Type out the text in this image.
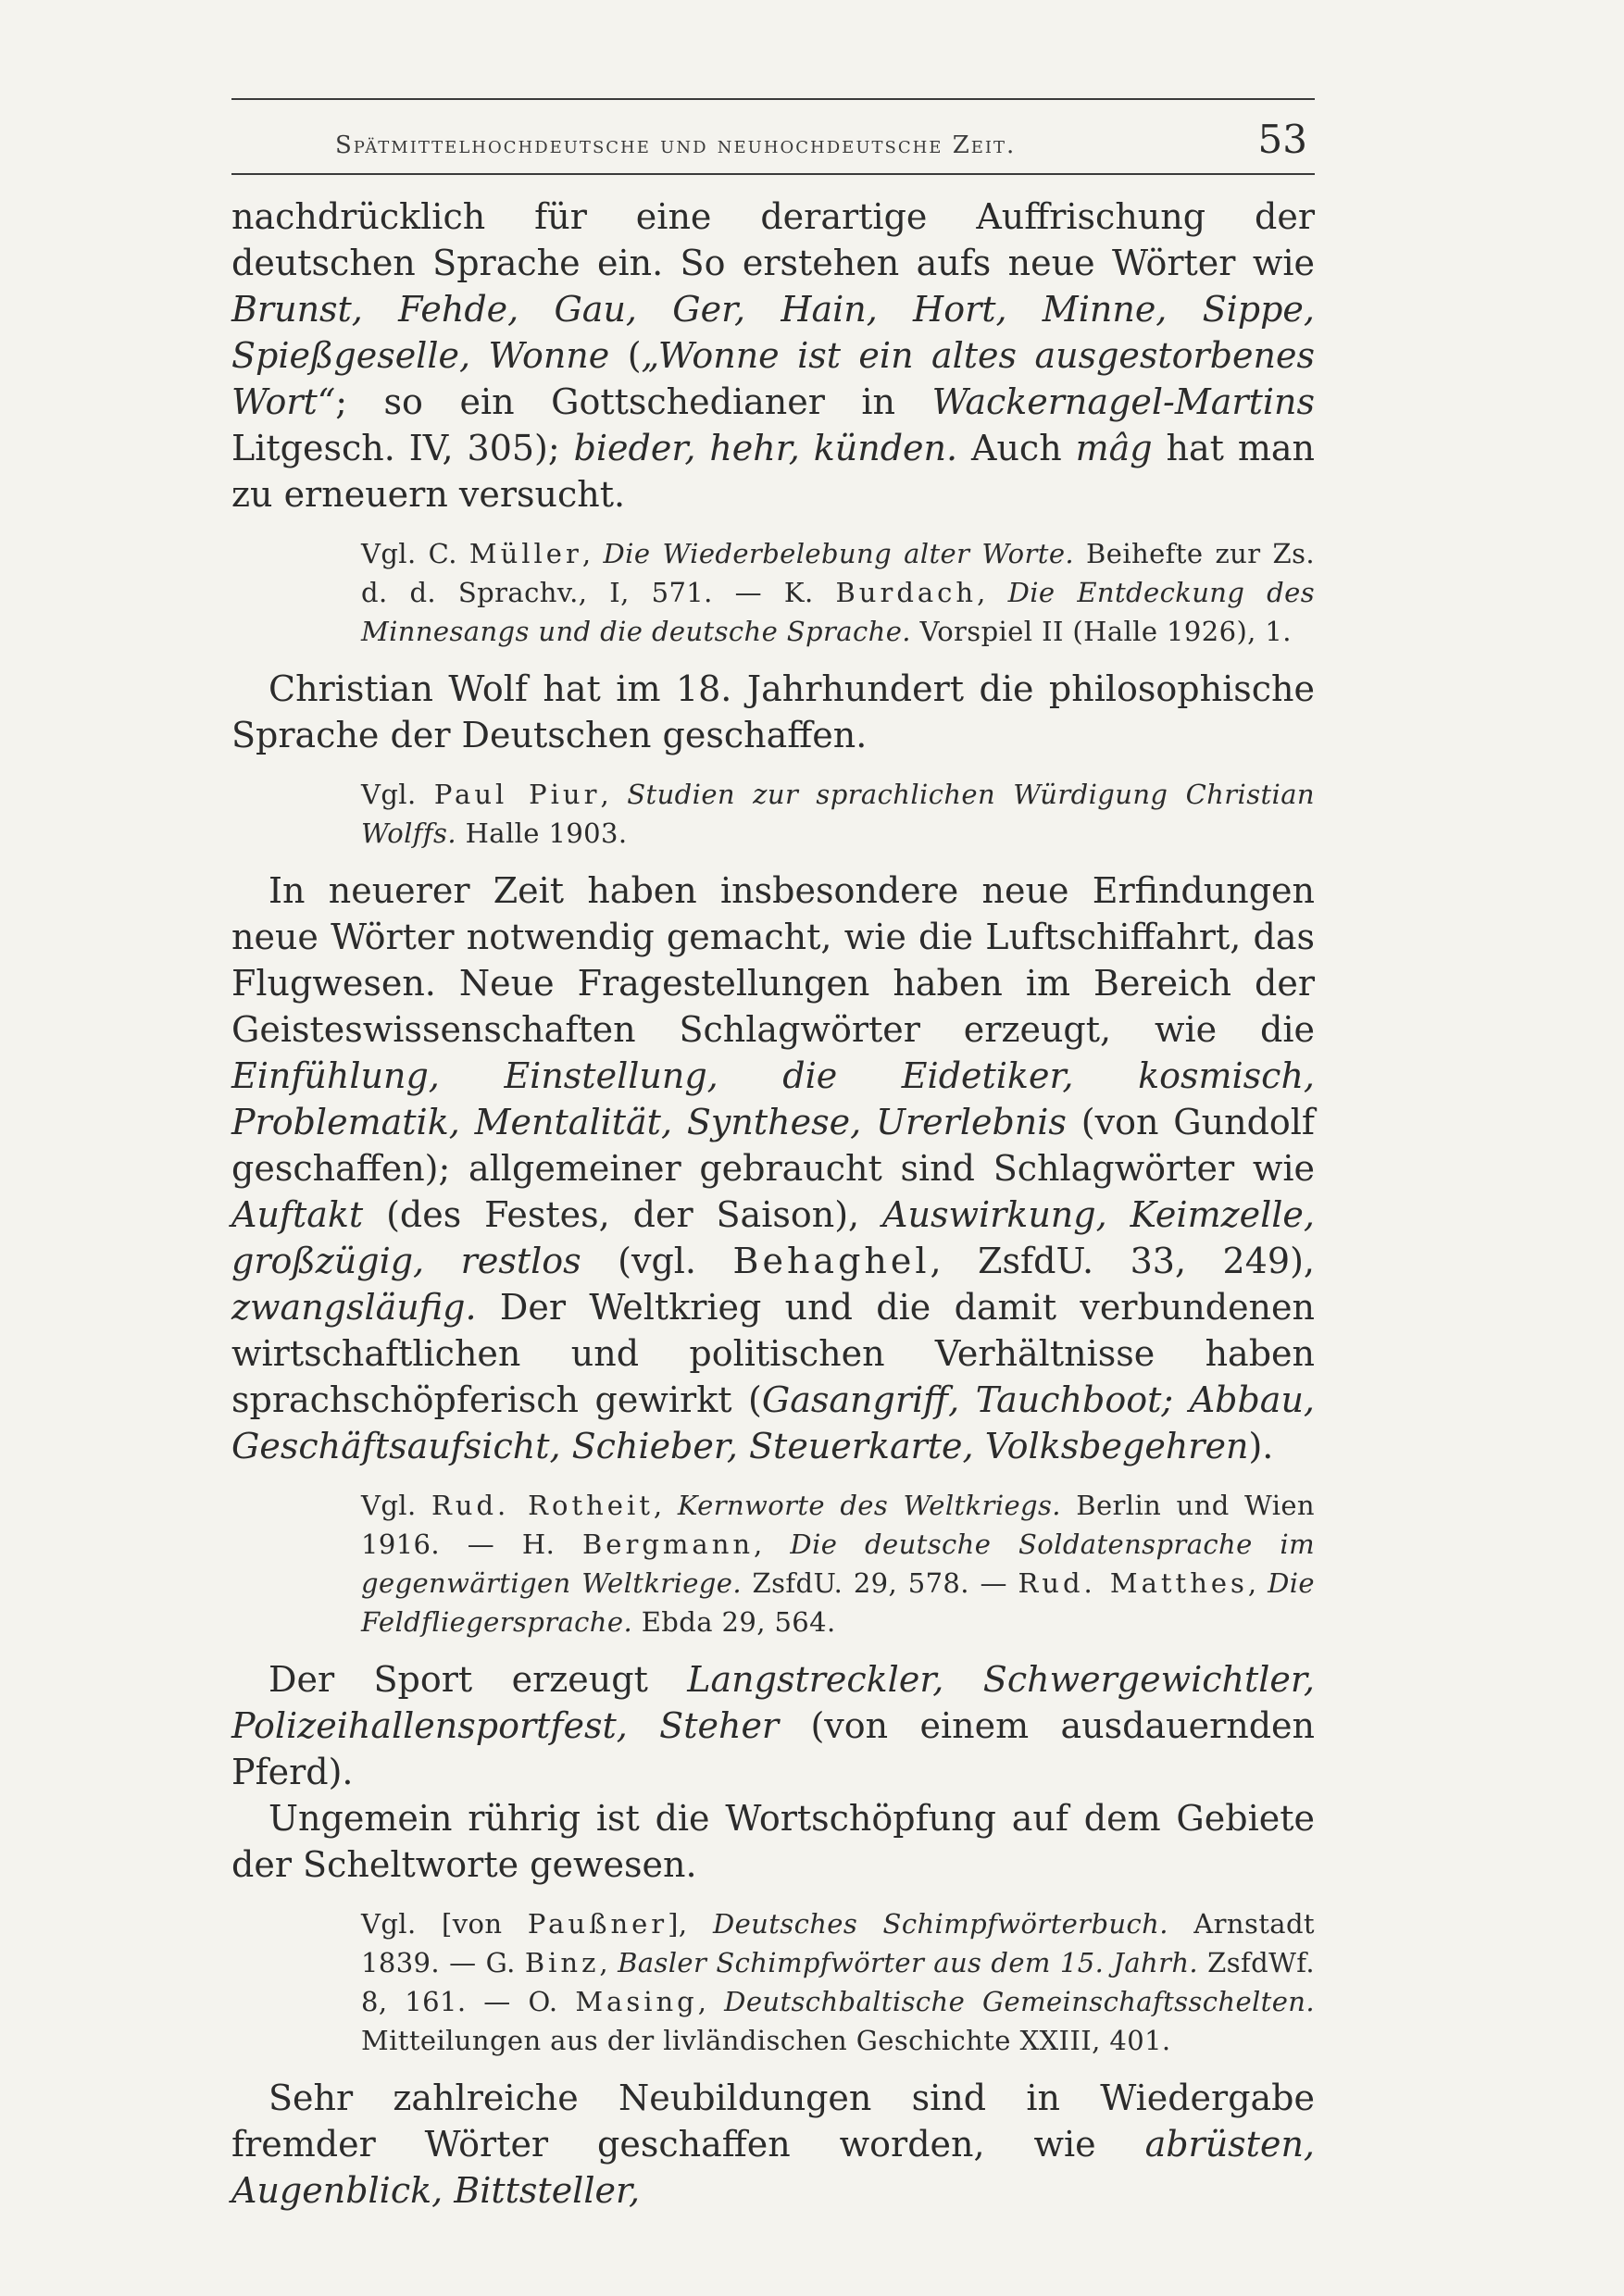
Spätmittelhochdeutsche und neuhochdeutsche Zeit.	53

nachdrücklich für eine derartige Auffrischung der deutschen Sprache ein. So erstehen aufs neue Wörter wie Brunst, Fehde, Gau, Ger, Hain, Hort, Minne, Sippe, Spießgeselle, Wonne („Wonne ist ein altes ausgestorbenes Wort“; so ein Gottschedianer in Wackernagel-Martins Litgesch. IV, 305); bieder, hehr, künden. Auch mâg hat man zu erneuern versucht.

Vgl. C. Müller, Die Wiederbelebung alter Worte. Beihefte zur Zs. d. d. Sprachv., I, 571. — K. Burdach, Die Entdeckung des Minnesangs und die deutsche Sprache. Vorspiel II (Halle 1926), 1.

Christian Wolf hat im 18. Jahrhundert die philosophische Sprache der Deutschen geschaffen.

Vgl. Paul Piur, Studien zur sprachlichen Würdigung Christian Wolffs. Halle 1903.

In neuerer Zeit haben insbesondere neue Erfindungen neue Wörter notwendig gemacht, wie die Luftschiffahrt, das Flugwesen. Neue Fragestellungen haben im Bereich der Geisteswissenschaften Schlagwörter erzeugt, wie die Einfühlung, Einstellung, die Eidetiker, kosmisch, Problematik, Mentalität, Synthese, Urerlebnis (von Gundolf geschaffen); allgemeiner gebraucht sind Schlagwörter wie Auftakt (des Festes, der Saison), Auswirkung, Keimzelle, großzügig, restlos (vgl. Behaghel, ZsfdU. 33, 249), zwangsläufig. Der Weltkrieg und die damit verbundenen wirtschaftlichen und politischen Verhältnisse haben sprachschöpferisch gewirkt (Gasangriff, Tauchboot; Abbau, Geschäftsaufsicht, Schieber, Steuerkarte, Volksbegehren).

Vgl. Rud. Rotheit, Kernworte des Weltkriegs. Berlin und Wien 1916. — H. Bergmann, Die deutsche Soldatensprache im gegenwärtigen Weltkriege. ZsfdU. 29, 578. — Rud. Matthes, Die Feldfliegersprache. Ebda 29, 564.

Der Sport erzeugt Langstreckler, Schwergewichtler, Polizeihallensportfest, Steher (von einem ausdauernden Pferd).

Ungemein rührig ist die Wortschöpfung auf dem Gebiete der Scheltworte gewesen.

Vgl. [von Paußner], Deutsches Schimpfwörterbuch. Arnstadt 1839. — G. Binz, Basler Schimpfwörter aus dem 15. Jahrh. ZsfdWf. 8, 161. — O. Masing, Deutschbaltische Gemeinschaftsschelten. Mitteilungen aus der livländischen Geschichte XXIII, 401.

Sehr zahlreiche Neubildungen sind in Wiedergabe fremder Wörter geschaffen worden, wie abrüsten, Augenblick, Bittsteller,
